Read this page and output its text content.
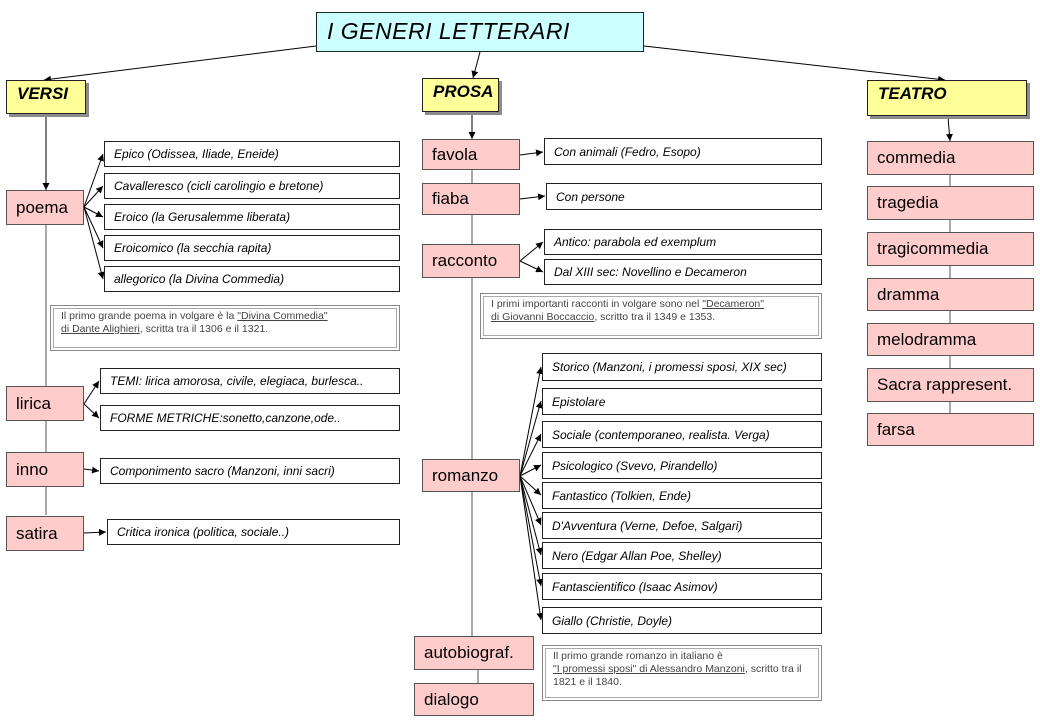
I GENERI LETTERARI
VERSI	PROSA	TEATRO
poema
lirica
inno
satira
Epico (Odissea, Iliade, Eneide)
Cavalleresco (cicli carolingio e bretone)
Eroico (la Gerusalemme liberata)
Eroicomico (la secchia rapita)
allegorico (la Divina Commedia)
Il primo grande poema in volgare è la "Divina Commedia"
di Dante Alighieri, scritta tra il 1306 e il 1321.
TEMI: lirica amorosa, civile, elegiaca, burlesca..
FORME METRICHE:sonetto,canzone,ode..
Componimento sacro (Manzoni, inni sacri)
Critica ironica (politica, sociale..)
favola
fiaba
racconto
romanzo
autobiograf.
dialogo
Con animali (Fedro, Esopo)
Con persone
Antico: parabola ed exemplum
Dal XIII sec: Novellino e Decameron
I primi importanti racconti in volgare sono nel "Decameron"
di Giovanni Boccaccio, scritto tra il 1349 e 1353.
Storico (Manzoni, i promessi sposi, XIX sec)
Epistolare
Sociale (contemporaneo, realista. Verga)
Psicologico (Svevo, Pirandello)
Fantastico (Tolkien, Ende)
D'Avventura (Verne, Defoe, Salgari)
Nero (Edgar Allan Poe, Shelley)
Fantascientifico (Isaac Asimov)
Giallo (Christie, Doyle)
Il primo grande romanzo in italiano è
"I promessi sposi" di Alessandro Manzoni, scritto tra il 1821 e il 1840.
commedia
tragedia
tragicommedia
dramma
melodramma
Sacra rappresent.
farsa
